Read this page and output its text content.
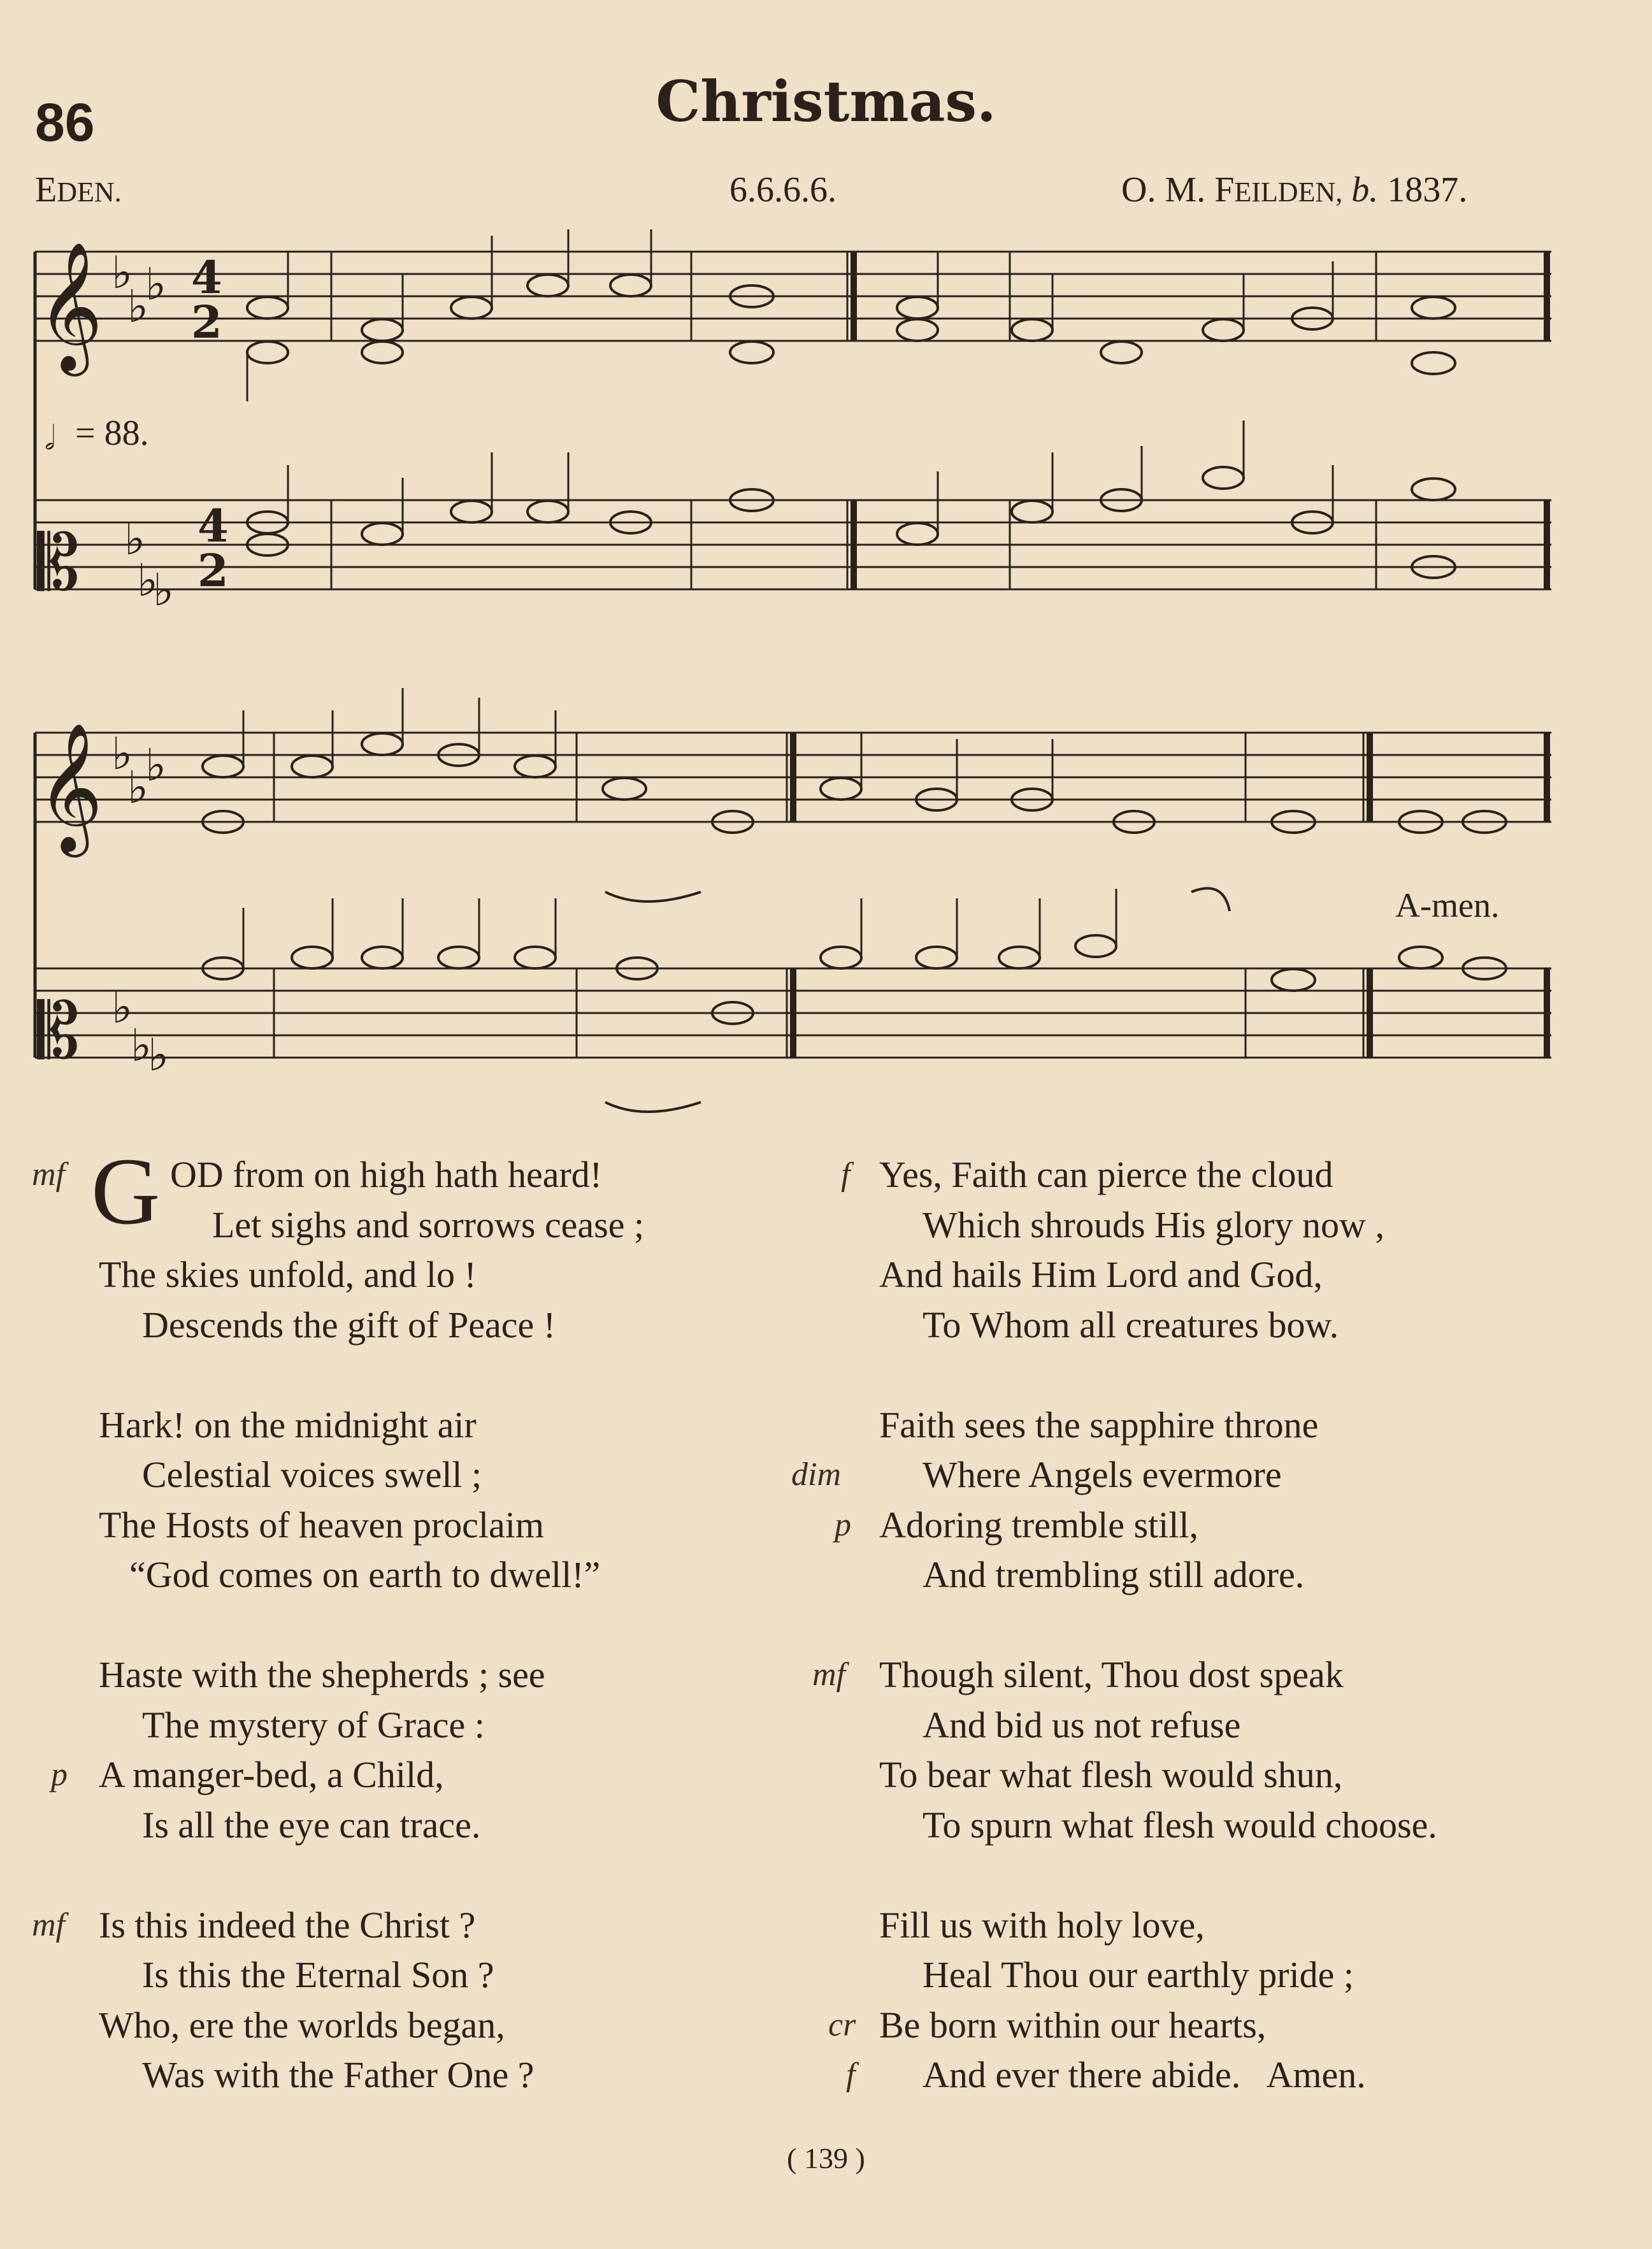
86	Christmas.
EDEN.	6.6.6.6.	O. M. FEILDEN, b. 1837.
𝄞
𝄡
𝄞
𝄡
♭
♭
♭
♭
♭
♭
♭
♭
♭
♭
♭
♭
4
2
4
2
𝅗𝅥 = 88.
A-men.
mf G OD from on high hath heard!
Let sighs and sorrows cease ;
The skies unfold, and lo !
Descends the gift of Peace !
Hark! on the midnight air
Celestial voices swell ;
The Hosts of heaven proclaim
“God comes on earth to dwell!”
Haste with the shepherds ; see
The mystery of Grace :
p A manger-bed, a Child,
Is all the eye can trace.
mf Is this indeed the Christ ?
Is this the Eternal Son ?
Who, ere the worlds began,
Was with the Father One ?
f Yes, Faith can pierce the cloud
Which shrouds His glory now ,
And hails Him Lord and God,
To Whom all creatures bow.
Faith sees the sapphire throne
dim Where Angels evermore
p Adoring tremble still,
And trembling still adore.
mf Though silent, Thou dost speak
And bid us not refuse
To bear what flesh would shun,
To spurn what flesh would choose.
Fill us with holy love,
Heal Thou our earthly pride ;
cr Be born within our hearts,
f And ever there abide.   Amen.
( 139 )
